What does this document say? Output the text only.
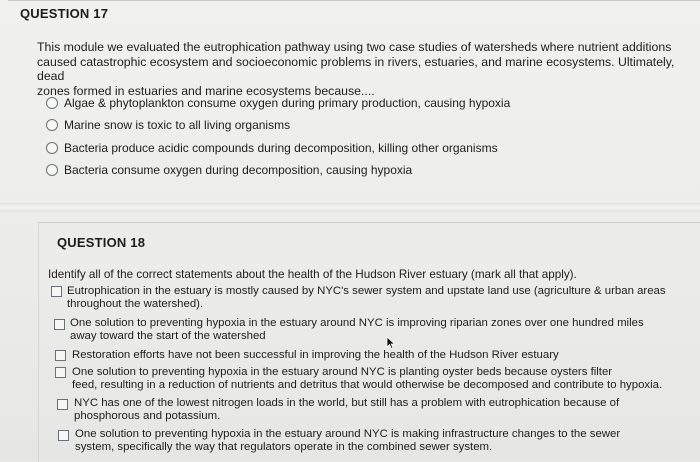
QUESTION 17
This module we evaluated the eutrophication pathway using two case studies of watersheds where nutrient additions
caused catastrophic ecosystem and socioeconomic problems in rivers, estuaries, and marine ecosystems. Ultimately, dead
zones formed in estuaries and marine ecosystems because....
Algae & phytoplankton consume oxygen during primary production, causing hypoxia
Marine snow is toxic to all living organisms
Bacteria produce acidic compounds during decomposition, killing other organisms
Bacteria consume oxygen during decomposition, causing hypoxia
QUESTION 18
Identify all of the correct statements about the health of the Hudson River estuary (mark all that apply).
Eutrophication in the estuary is mostly caused by NYC's sewer system and upstate land use (agriculture & urban areas
throughout the watershed).
One solution to preventing hypoxia in the estuary around NYC is improving riparian zones over one hundred miles
away toward the start of the watershed
Restoration efforts have not been successful in improving the health of the Hudson River estuary
One solution to preventing hypoxia in the estuary around NYC is planting oyster beds because oysters filter
feed, resulting in a reduction of nutrients and detritus that would otherwise be decomposed and contribute to hypoxia.
NYC has one of the lowest nitrogen loads in the world, but still has a problem with eutrophication because of
phosphorous and potassium.
One solution to preventing hypoxia in the estuary around NYC is making infrastructure changes to the sewer
system, specifically the way that regulators operate in the combined sewer system.
